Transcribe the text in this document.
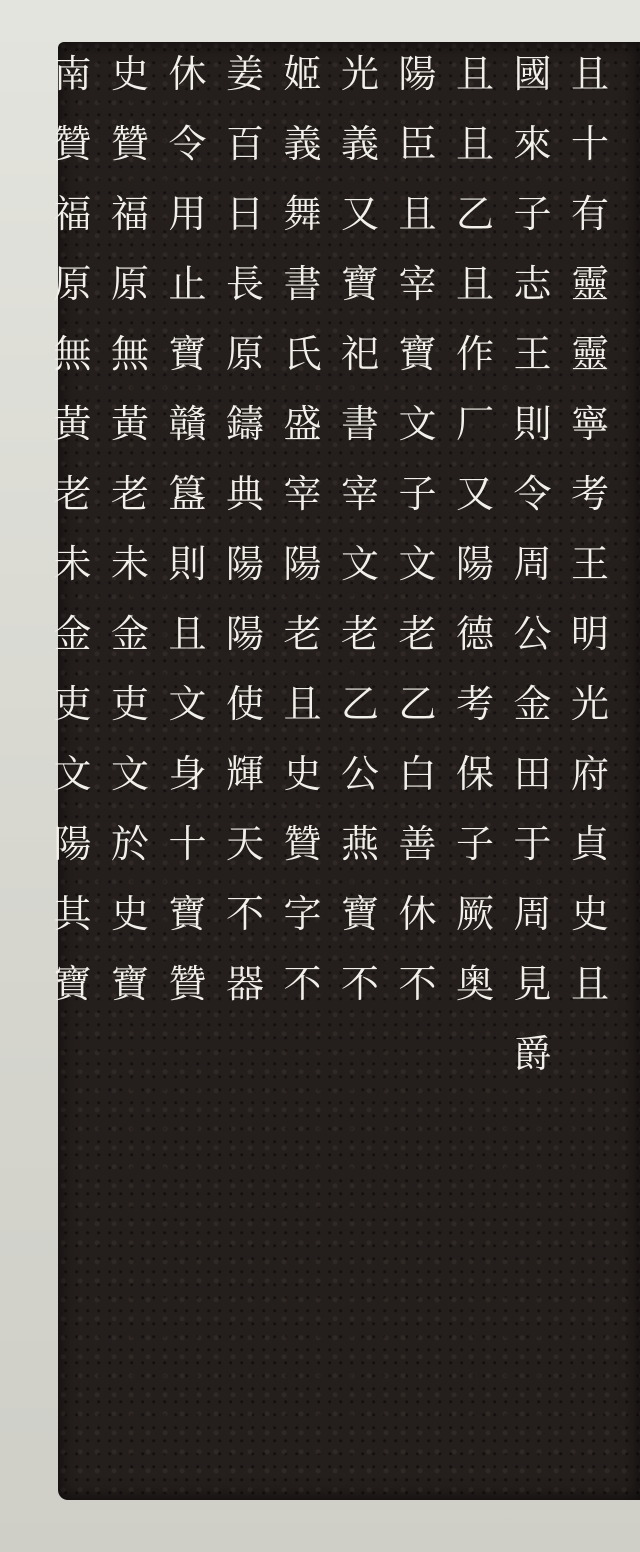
且
十
有
靈
靈
寧
考
王
明
光
府
貞
史
且
國
來
子
志
王
則
令
周
公
金
田
于
周
見
爵
且
且
乙
且
作
厂
又
陽
德
考
保
子
厥
奥
陽
臣
且
宰
寶
文
子
文
老
乙
白
善
休
不
光
義
又
寶
祀
書
宰
文
老
乙
公
燕
寶
不
姬
義
舞
書
氏
盛
宰
陽
老
且
史
贊
字
不
姜
百
日
長
原
鑄
典
陽
陽
使
輝
天
不
器
休
令
用
止
寶
贛
簋
則
且
文
身
十
寶
贊
史
贊
福
原
無
黃
老
未
金
吏
文
於
史
寶
南
贊
福
原
無
黃
老
未
金
吏
文
陽
其
寶
